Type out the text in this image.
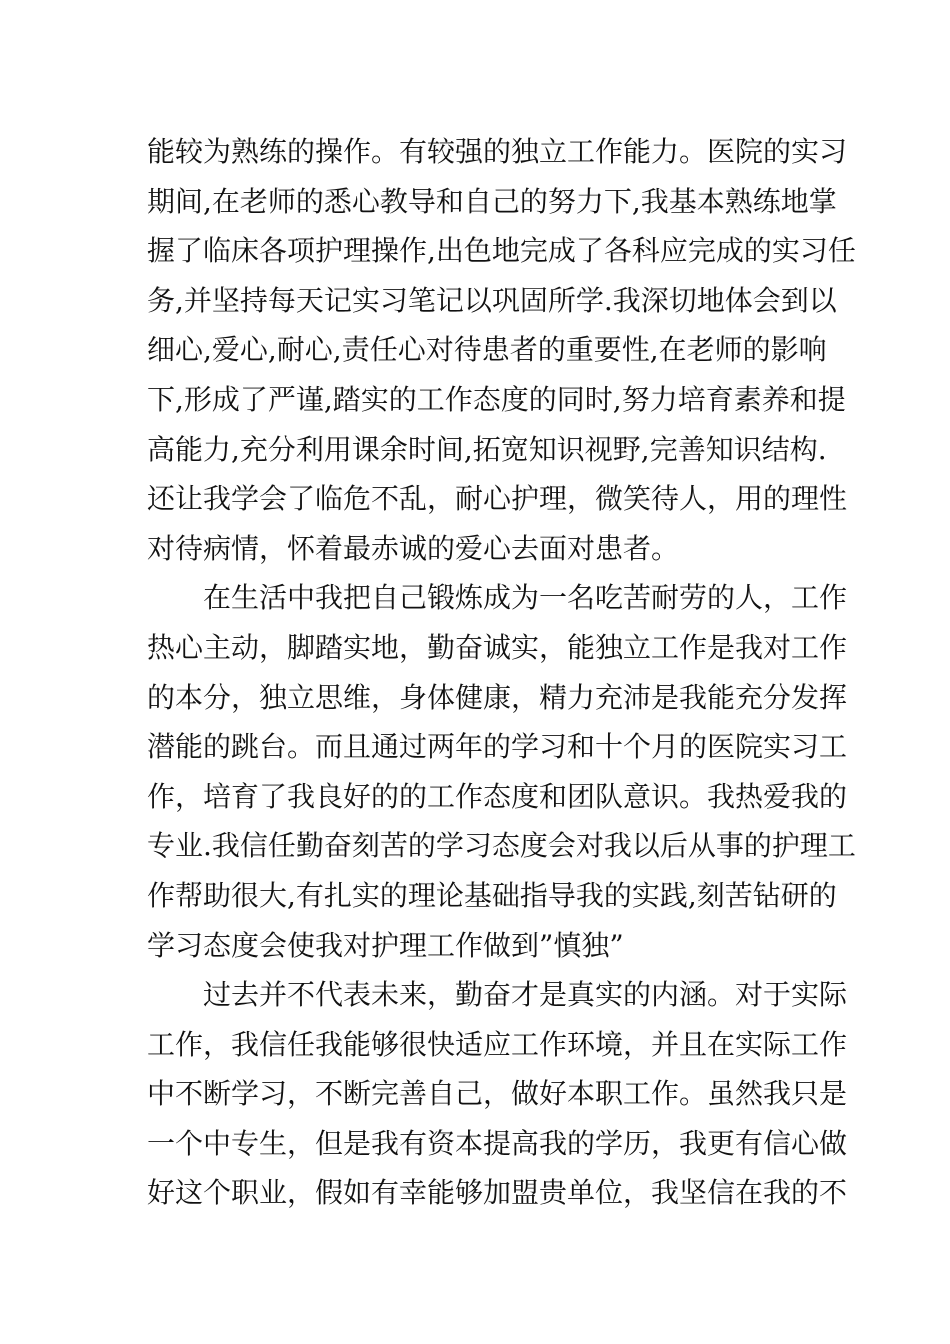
能较为熟练的操作。有较强的独立工作能力。医院的实习
期间,在老师的悉心教导和自己的努力下,我基本熟练地掌
握了临床各项护理操作,出色地完成了各科应完成的实习任
务,并坚持每天记实习笔记以巩固所学.我深切地体会到以
细心,爱心,耐心,责任心对待患者的重要性,在老师的影响
下,形成了严谨,踏实的工作态度的同时,努力培育素养和提
高能力,充分利用课余时间,拓宽知识视野,完善知识结构.
还让我学会了临危不乱，耐心护理，微笑待人，用的理性
对待病情，怀着最赤诚的爱心去面对患者。
在生活中我把自己锻炼成为一名吃苦耐劳的人，工作
热心主动，脚踏实地，勤奋诚实，能独立工作是我对工作
的本分，独立思维，身体健康，精力充沛是我能充分发挥
潜能的跳台。而且通过两年的学习和十个月的医院实习工
作，培育了我良好的的工作态度和团队意识。我热爱我的
专业.我信任勤奋刻苦的学习态度会对我以后从事的护理工
作帮助很大,有扎实的理论基础指导我的实践,刻苦钻研的
学习态度会使我对护理工作做到”慎独”
过去并不代表未来，勤奋才是真实的内涵。对于实际
工作，我信任我能够很快适应工作环境，并且在实际工作
中不断学习，不断完善自己，做好本职工作。虽然我只是
一个中专生，但是我有资本提高我的学历，我更有信心做
好这个职业，假如有幸能够加盟贵单位，我坚信在我的不
